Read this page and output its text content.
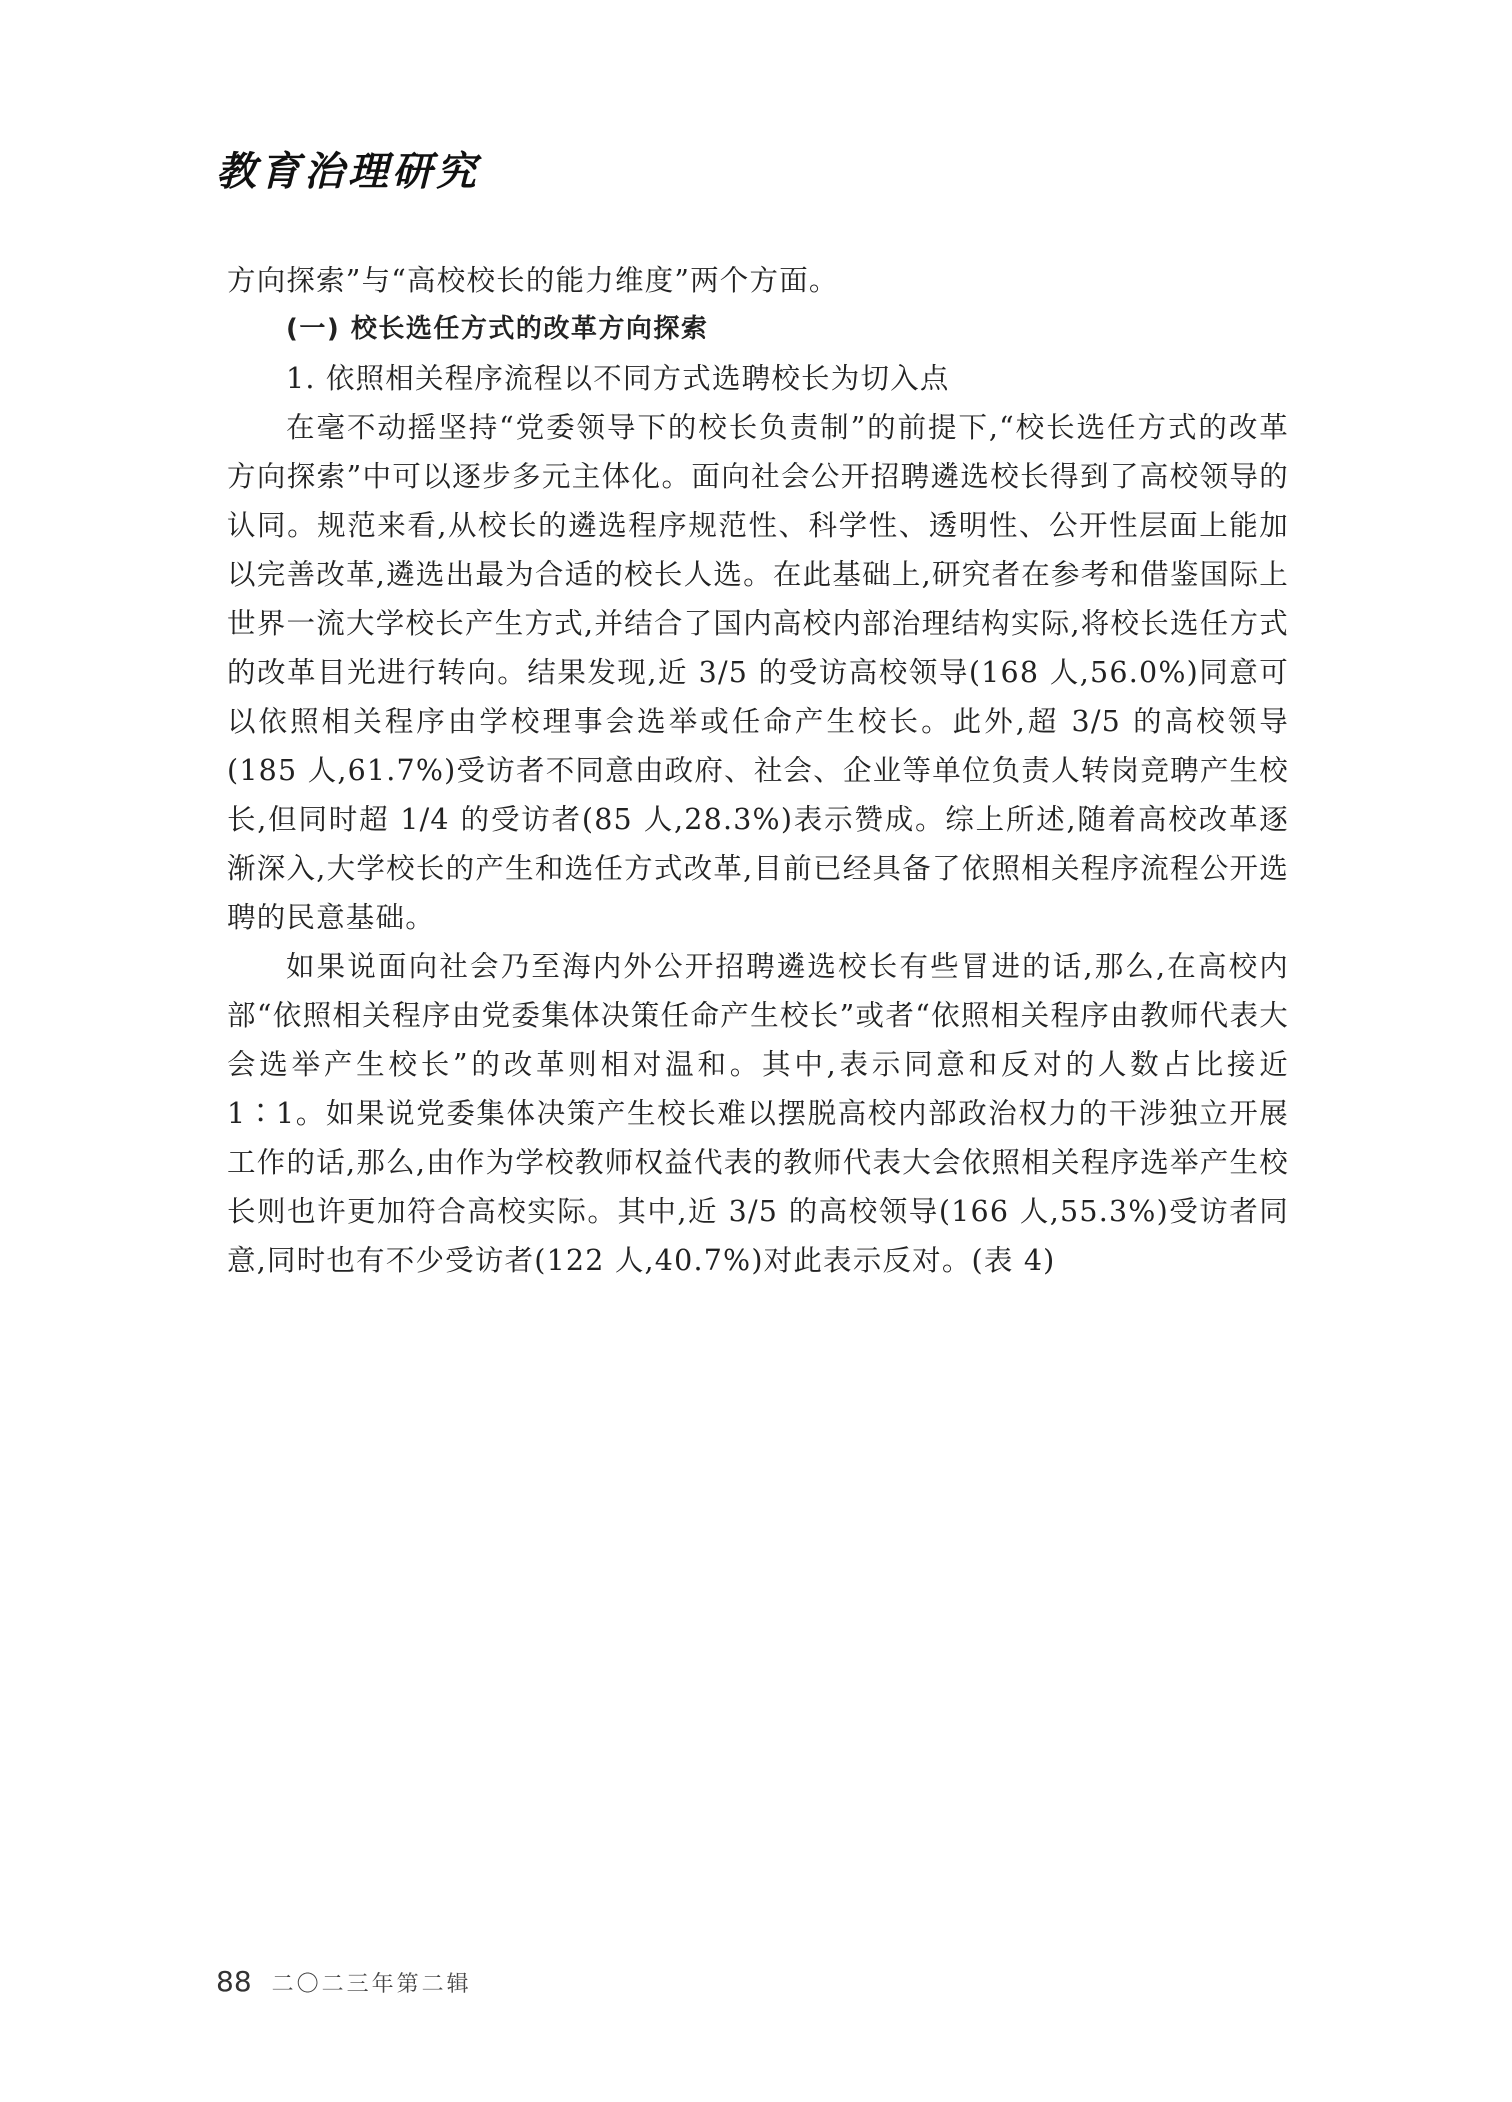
教育治理研究

方向探索”与“高校校长的能力维度”两个方面。

(一) 校长选任方式的改革方向探索

1. 依照相关程序流程以不同方式选聘校长为切入点

在毫不动摇坚持“党委领导下的校长负责制”的前提下,“校长选任方式的改革方向探索”中可以逐步多元主体化。面向社会公开招聘遴选校长得到了高校领导的认同。规范来看,从校长的遴选程序规范性、科学性、透明性、公开性层面上能加以完善改革,遴选出最为合适的校长人选。在此基础上,研究者在参考和借鉴国际上世界一流大学校长产生方式,并结合了国内高校内部治理结构实际,将校长选任方式的改革目光进行转向。结果发现,近 3/5 的受访高校领导(168 人,56.0%)同意可以依照相关程序由学校理事会选举或任命产生校长。此外,超 3/5 的高校领导(185 人,61.7%)受访者不同意由政府、社会、企业等单位负责人转岗竞聘产生校长,但同时超 1/4 的受访者(85 人,28.3%)表示赞成。综上所述,随着高校改革逐渐深入,大学校长的产生和选任方式改革,目前已经具备了依照相关程序流程公开选聘的民意基础。

如果说面向社会乃至海内外公开招聘遴选校长有些冒进的话,那么,在高校内部“依照相关程序由党委集体决策任命产生校长”或者“依照相关程序由教师代表大会选举产生校长”的改革则相对温和。其中,表示同意和反对的人数占比接近 1∶1。如果说党委集体决策产生校长难以摆脱高校内部政治权力的干涉独立开展工作的话,那么,由作为学校教师权益代表的教师代表大会依照相关程序选举产生校长则也许更加符合高校实际。其中,近 3/5 的高校领导(166 人,55.3%)受访者同意,同时也有不少受访者(122 人,40.7%)对此表示反对。(表 4)

88 二〇二三年第二辑
